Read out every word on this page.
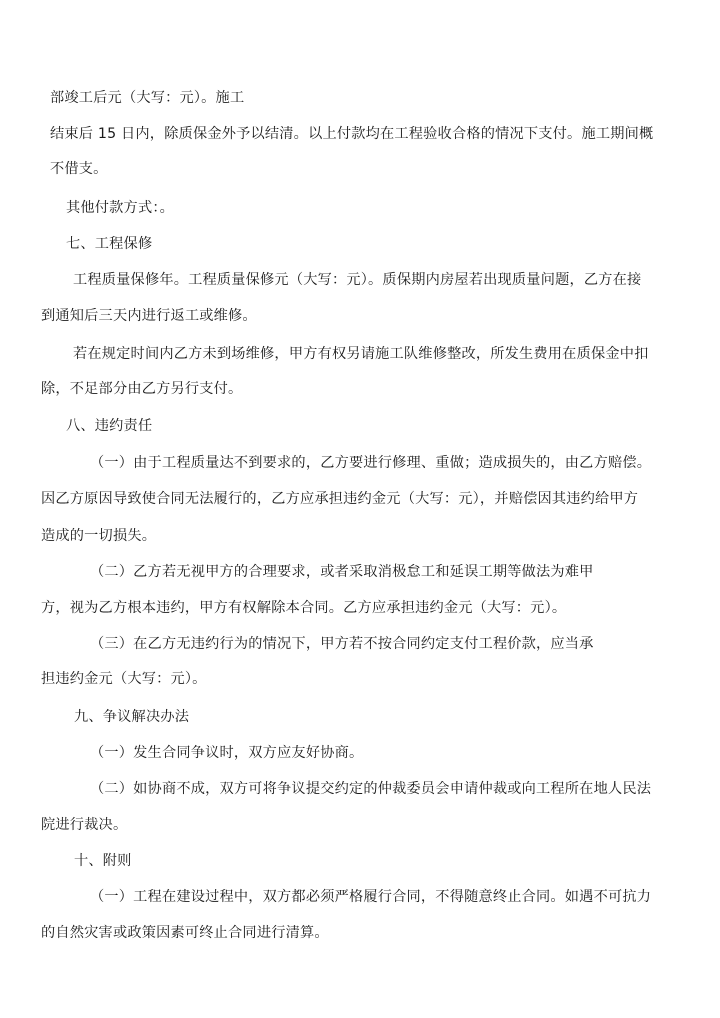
部竣工后元（大写：元）。施工
结束后 15 日内，除质保金外予以结清。以上付款均在工程验收合格的情况下支付。施工期间概
不借支。
其他付款方式：。
七、工程保修
工程质量保修年。工程质量保修元（大写：元）。质保期内房屋若出现质量问题，乙方在接
到通知后三天内进行返工或维修。
若在规定时间内乙方未到场维修，甲方有权另请施工队维修整改，所发生费用在质保金中扣
除，不足部分由乙方另行支付。
八、违约责任
（一）由于工程质量达不到要求的，乙方要进行修理、重做；造成损失的，由乙方赔偿。
因乙方原因导致使合同无法履行的，乙方应承担违约金元（大写：元），并赔偿因其违约给甲方
造成的一切损失。
（二）乙方若无视甲方的合理要求，或者采取消极怠工和延误工期等做法为难甲
方，视为乙方根本违约，甲方有权解除本合同。乙方应承担违约金元（大写：元）。
（三）在乙方无违约行为的情况下，甲方若不按合同约定支付工程价款，应当承
担违约金元（大写：元）。
九、争议解决办法
（一）发生合同争议时，双方应友好协商。
（二）如协商不成，双方可将争议提交约定的仲裁委员会申请仲裁或向工程所在地人民法
院进行裁决。
十、附则
（一）工程在建设过程中，双方都必须严格履行合同，不得随意终止合同。如遇不可抗力
的自然灾害或政策因素可终止合同进行清算。
